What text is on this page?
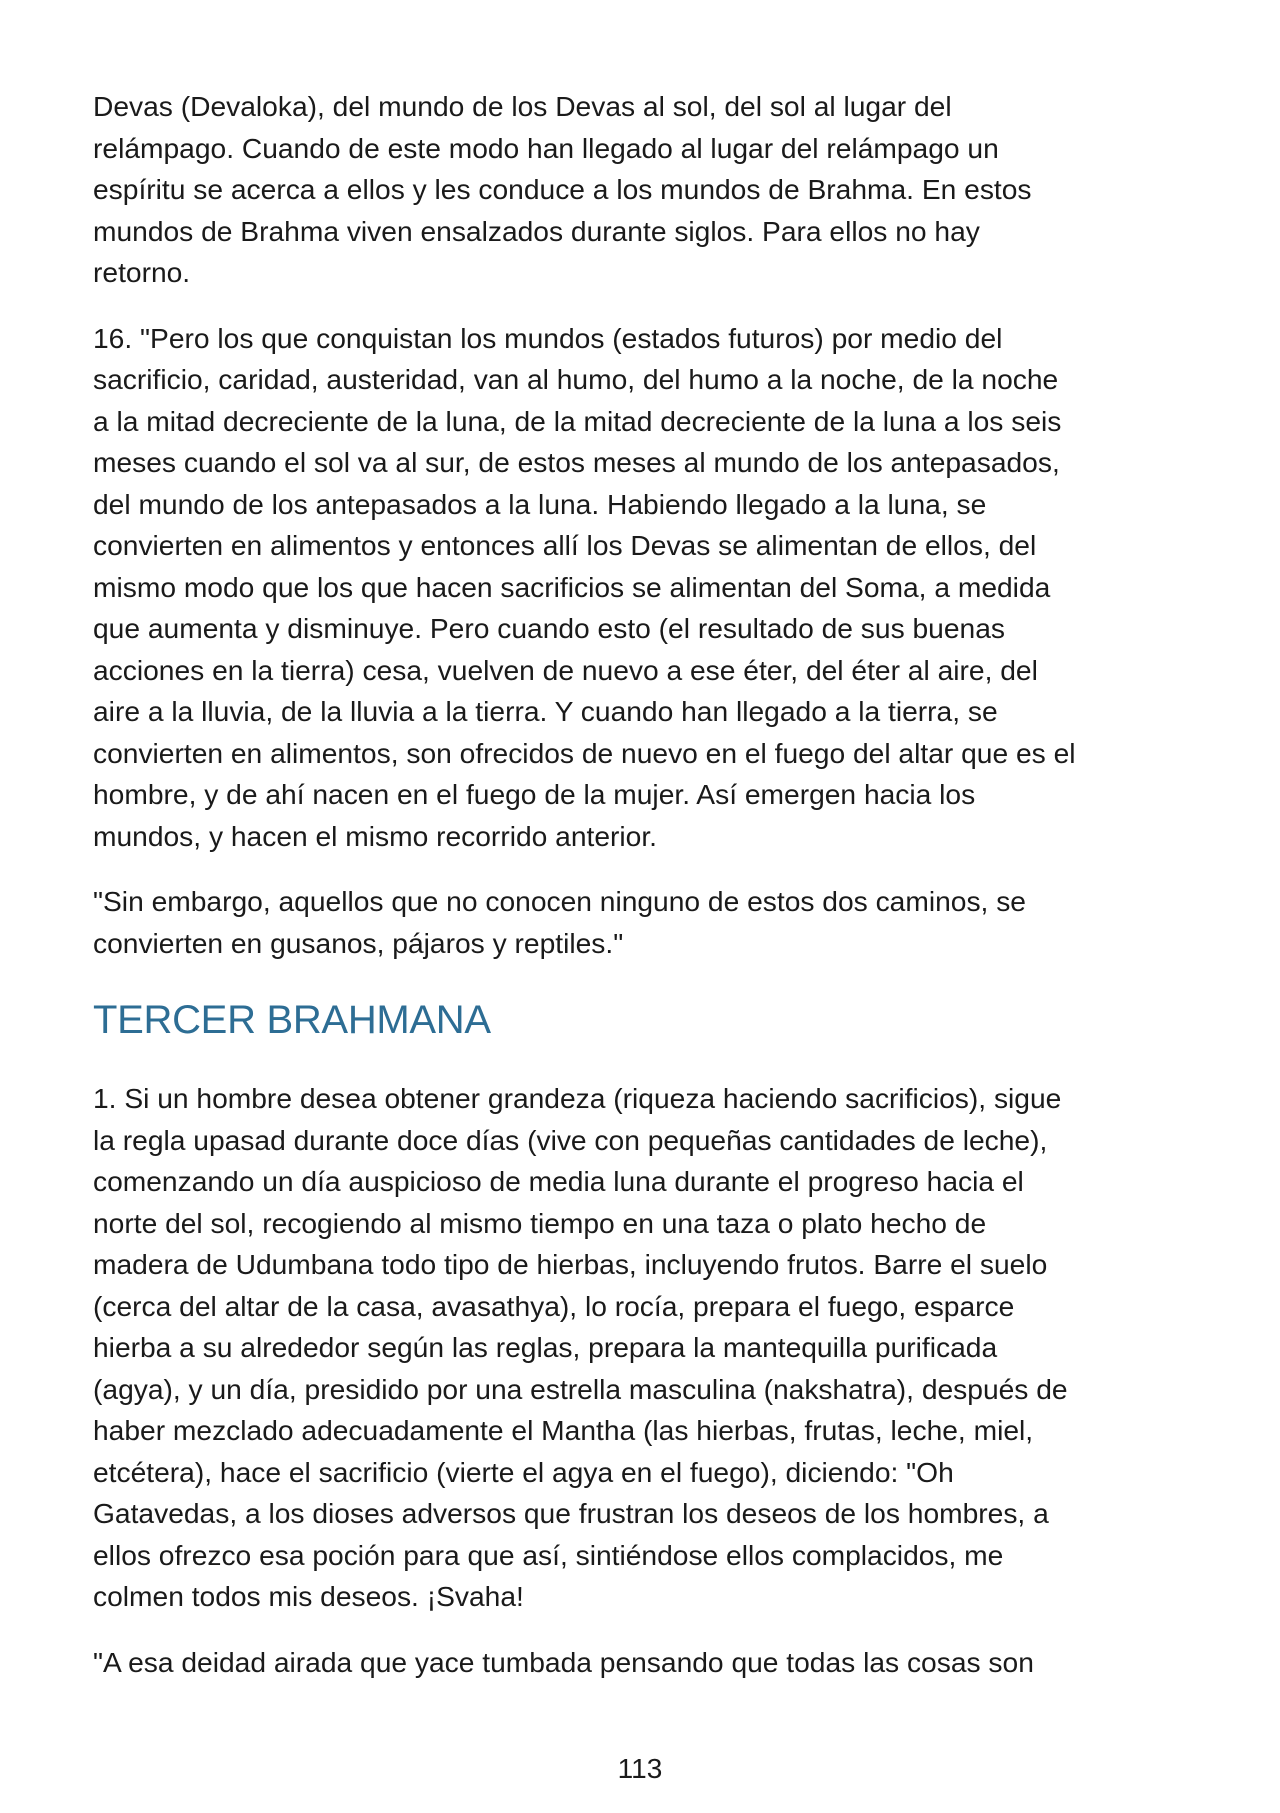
Devas (Devaloka), del mundo de los Devas al sol, del sol al lugar del
relámpago. Cuando de este modo han llegado al lugar del relámpago un
espíritu se acerca a ellos y les conduce a los mundos de Brahma. En estos
mundos de Brahma viven ensalzados durante siglos. Para ellos no hay
retorno.

16. "Pero los que conquistan los mundos (estados futuros) por medio del
sacrificio, caridad, austeridad, van al humo, del humo a la noche, de la noche
a la mitad decreciente de la luna, de la mitad decreciente de la luna a los seis
meses cuando el sol va al sur, de estos meses al mundo de los antepasados,
del mundo de los antepasados a la luna. Habiendo llegado a la luna, se
convierten en alimentos y entonces allí los Devas se alimentan de ellos, del
mismo modo que los que hacen sacrificios se alimentan del Soma, a medida
que aumenta y disminuye. Pero cuando esto (el resultado de sus buenas
acciones en la tierra) cesa, vuelven de nuevo a ese éter, del éter al aire, del
aire a la lluvia, de la lluvia a la tierra. Y cuando han llegado a la tierra, se
convierten en alimentos, son ofrecidos de nuevo en el fuego del altar que es el
hombre, y de ahí nacen en el fuego de la mujer. Así emergen hacia los
mundos, y hacen el mismo recorrido anterior.

"Sin embargo, aquellos que no conocen ninguno de estos dos caminos, se
convierten en gusanos, pájaros y reptiles."

TERCER BRAHMANA

1. Si un hombre desea obtener grandeza (riqueza haciendo sacrificios), sigue
la regla upasad durante doce días (vive con pequeñas cantidades de leche),
comenzando un día auspicioso de media luna durante el progreso hacia el
norte del sol, recogiendo al mismo tiempo en una taza o plato hecho de
madera de Udumbana todo tipo de hierbas, incluyendo frutos. Barre el suelo
(cerca del altar de la casa, avasathya), lo rocía, prepara el fuego, esparce
hierba a su alrededor según las reglas, prepara la mantequilla purificada
(agya), y un día, presidido por una estrella masculina (nakshatra), después de
haber mezclado adecuadamente el Mantha (las hierbas, frutas, leche, miel,
etcétera), hace el sacrificio (vierte el agya en el fuego), diciendo: "Oh
Gatavedas, a los dioses adversos que frustran los deseos de los hombres, a
ellos ofrezco esa poción para que así, sintiéndose ellos complacidos, me
colmen todos mis deseos. ¡Svaha!

"A esa deidad airada que yace tumbada pensando que todas las cosas son

113
